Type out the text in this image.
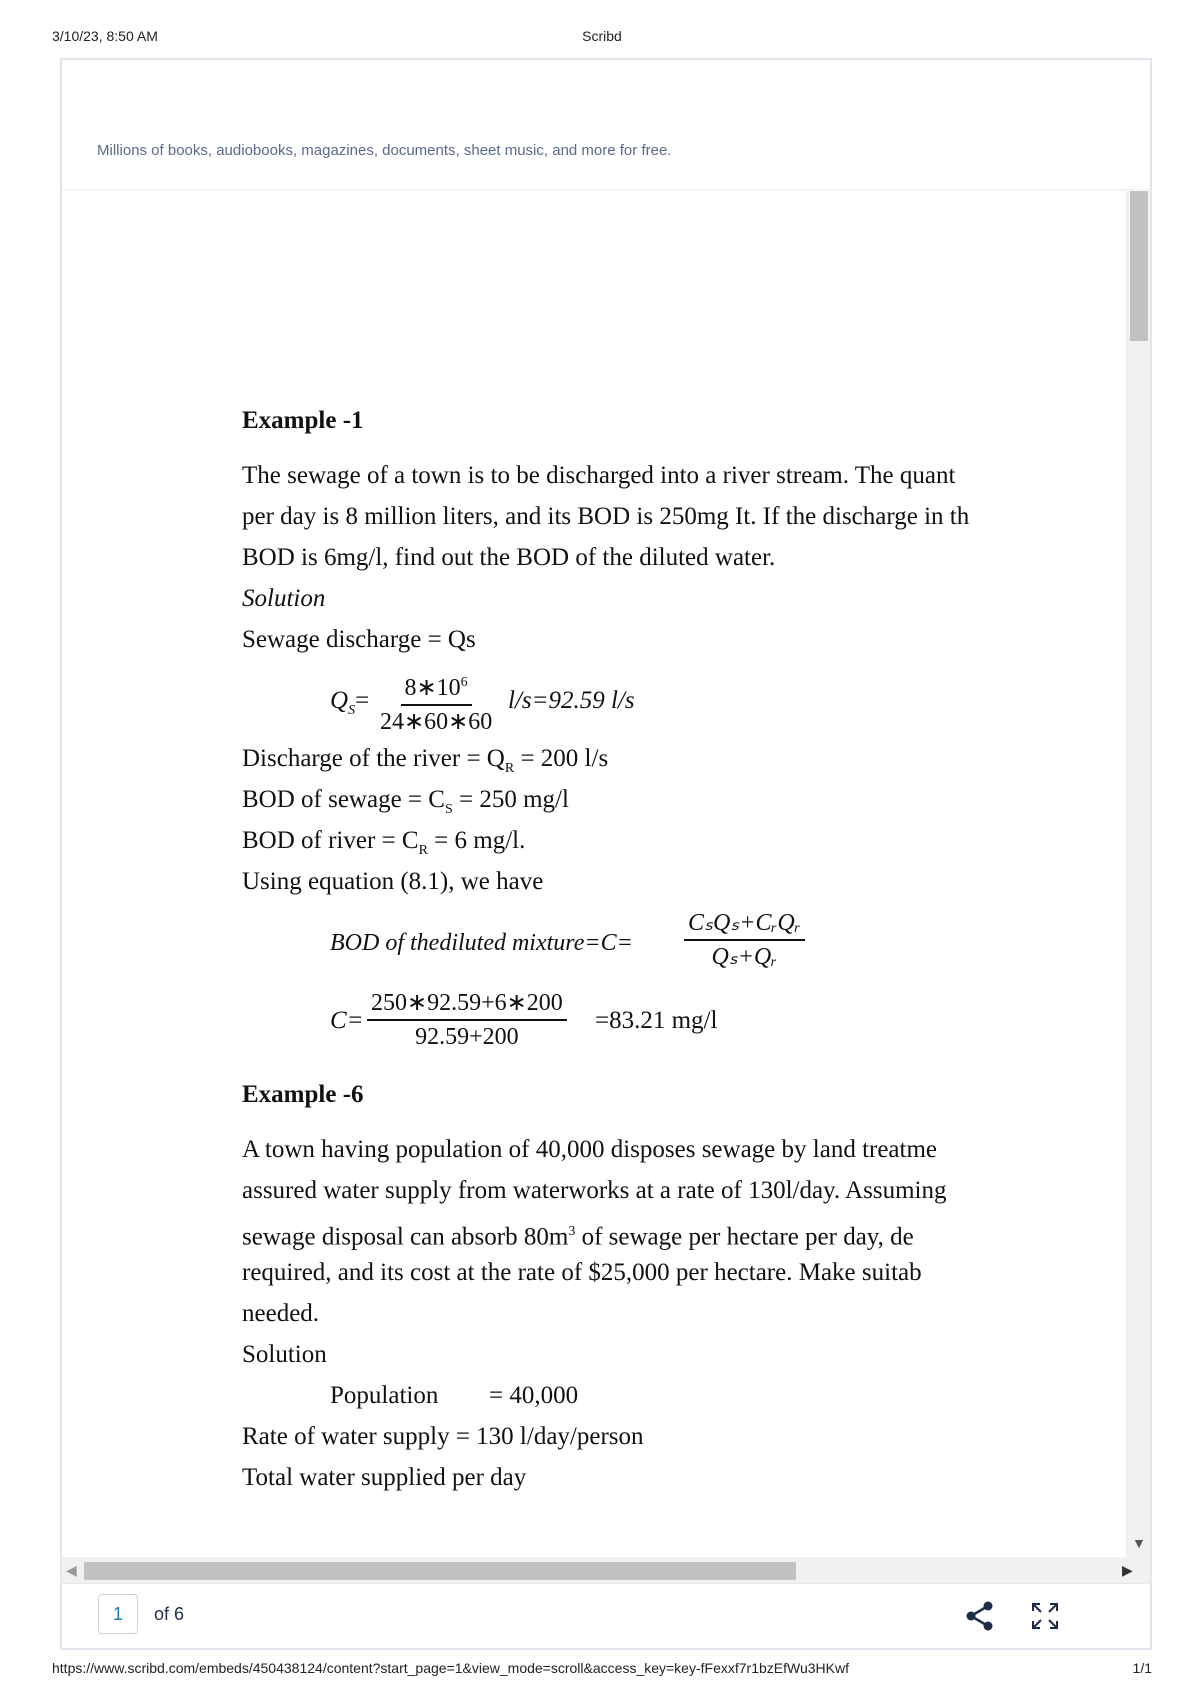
3/10/23, 8:50 AM	Scribd
Millions of books, audiobooks, magazines, documents, sheet music, and more for free.
Example -1
The sewage of a town is to be discharged into a river stream. The quant
per day is 8 million liters, and its BOD is 250mg It. If the discharge in th
BOD is 6mg/l, find out the BOD of the diluted water.
Solution
Sewage discharge = Qs
$Q_S= \frac{8∗10^6}{24∗60∗60} l/s=92.59$ l/s
Discharge of the river = $Q_R = 200$ l/s
BOD of sewage = $C_S = 250$ mg/l
BOD of river = $C_R = 6$ mg/l.
Using equation (8.1), we have
BOD of thediluted mixture=C=
CₛQₛ+CᵣQᵣ
Qₛ+Qᵣ
$C= \frac{250∗92.59+6∗200}{92.59+200} =83.21$ mg/l
Example -6
A town having population of 40,000 disposes sewage by land treatme
assured water supply from waterworks at a rate of 130l/day. Assuming
sewage disposal can absorb $80m^3$ of sewage per hectare per day, de
required, and its cost at the rate of $25,000 per hectare. Make suitab
needed.
Solution
Population = 40,000
Rate of water supply = 130 l/day/person
Total water supplied per day
▼
◀	▶
1	of 6
https://www.scribd.com/embeds/450438124/content?start_page=1&view_mode=scroll&access_key=key-fFexxf7r1bzEfWu3HKwf	1/1
